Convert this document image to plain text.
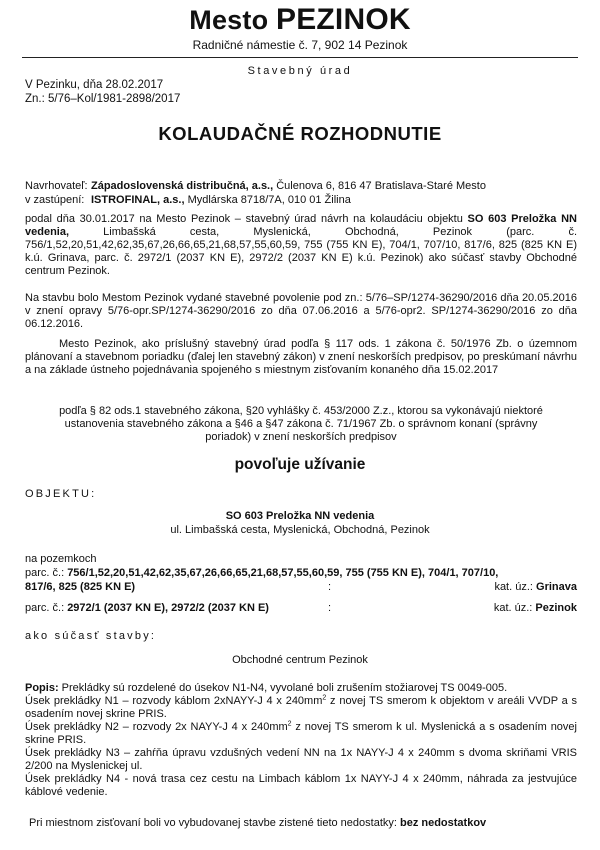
Mesto PEZINOK
Radničné námestie č. 7, 902 14 Pezinok
Stavebný úrad
V Pezinku, dňa 28.02.2017
Zn.: 5/76–Kol/1981-2898/2017
KOLAUDAČNÉ ROZHODNUTIE
Navrhovateľ: Západoslovenská distribučná, a.s., Čulenova 6, 816 47 Bratislava-Staré Mesto
v zastúpení: ISTROFINAL, a.s., Mydlárska 8718/7A, 010 01 Žilina
podal dňa 30.01.2017 na Mesto Pezinok – stavebný úrad návrh na kolaudáciu objektu SO 603 Preložka NN vedenia, Limbašská cesta, Myslenická, Obchodná, Pezinok (parc. č. 756/1,52,20,51,42,62,35,67,26,66,65,21,68,57,55,60,59, 755 (755 KN E), 704/1, 707/10, 817/6, 825 (825 KN E) k.ú. Grinava, parc. č. 2972/1 (2037 KN E), 2972/2 (2037 KN E) k.ú. Pezinok) ako súčasť stavby Obchodné centrum Pezinok.
Na stavbu bolo Mestom Pezinok vydané stavebné povolenie pod zn.: 5/76–SP/1274-36290/2016 dňa 20.05.2016 v znení opravy 5/76-opr.SP/1274-36290/2016 zo dňa 07.06.2016 a 5/76-opr2. SP/1274-36290/2016 zo dňa 06.12.2016.
Mesto Pezinok, ako príslušný stavebný úrad podľa § 117 ods. 1 zákona č. 50/1976 Zb. o územnom plánovaní a stavebnom poriadku (ďalej len stavebný zákon) v znení neskorších predpisov, po preskúmaní návrhu a na základe ústneho pojednávania spojeného s miestnym zisťovaním konaného dňa 15.02.2017
podľa § 82 ods.1 stavebného zákona, §20 vyhlášky č. 453/2000 Z.z., ktorou sa vykonávajú niektoré ustanovenia stavebného zákona a §46 a §47 zákona č. 71/1967 Zb. o správnom konaní (správny poriadok) v znení neskorších predpisov
povoľuje užívanie
OBJEKTU:
SO 603 Preložka NN vedenia
ul. Limbašská cesta, Myslenická, Obchodná, Pezinok
na pozemkoch
parc. č.: 756/1,52,20,51,42,62,35,67,26,66,65,21,68,57,55,60,59, 755 (755 KN E), 704/1, 707/10,
817/6, 825 (825 KN E)	:	kat. úz.: Grinava
parc. č.: 2972/1 (2037 KN E), 2972/2 (2037 KN E)	:	kat. úz.: Pezinok
ako súčasť stavby:
Obchodné centrum Pezinok
Popis: Prekládky sú rozdelené do úsekov N1-N4, vyvolané boli zrušením stožiarovej TS 0049-005.
Úsek prekládky N1 – rozvody káblom 2xNAYY-J 4 x $240mm^2$ z novej TS smerom k objektom v areáli VVDP a s osadením novej skrine PRIS.
Úsek prekládky N2 – rozvody 2x NAYY-J 4 x $240mm^2$ z novej TS smerom k ul. Myslenická a s osadením novej skrine PRIS.
Úsek prekládky N3 – zahŕňa úpravu vzdušných vedení NN na 1x NAYY-J 4 x 240mm s dvoma skriňami VRIS 2/200 na Myslenickej ul.
Úsek prekládky N4 - nová trasa cez cestu na Limbach káblom 1x NAYY-J 4 x 240mm, náhrada za jestvujúce káblové vedenie.
Pri miestnom zisťovaní boli vo vybudovanej stavbe zistené tieto nedostatky: bez nedostatkov
